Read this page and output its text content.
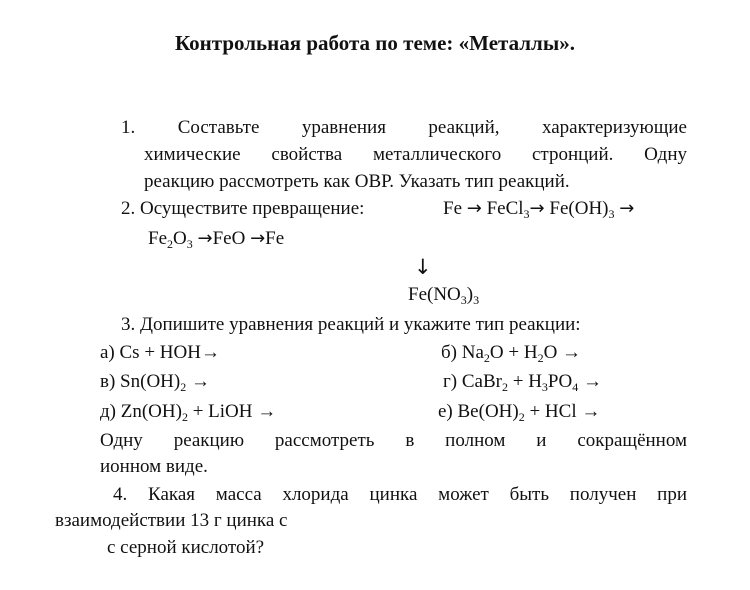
Контрольная работа по теме: «Металлы».
1. Составьте уравнения реакций, характеризующие
химические свойства металлического стронций. Одну
реакцию рассмотреть как ОВР. Указать тип реакций.
2. Осуществите превращение:	Fe → FeCl$_3$→ $Fe(OH)_3$ →
$Fe_2O_3 \to FeO \to Fe$
↓
$Fe(NO_3)_3$
3. Допишите уравнения реакций и укажите тип реакции:
а) Cs + HOH→	б) $Na_2O + H_2O$ →
в) $Sn(OH)_2$ →	г) CaBr$_2$ + $H_3PO_4$ →
д) $Zn(OH)_2$ + LiOH →	е) $Be(OH)_2$ + HCl →
Одну реакцию рассмотреть в полном и сокращённом
ионном виде.
4. Какая масса хлорида цинка может быть получен при
взаимодействии 13 г цинка с
с серной кислотой?
